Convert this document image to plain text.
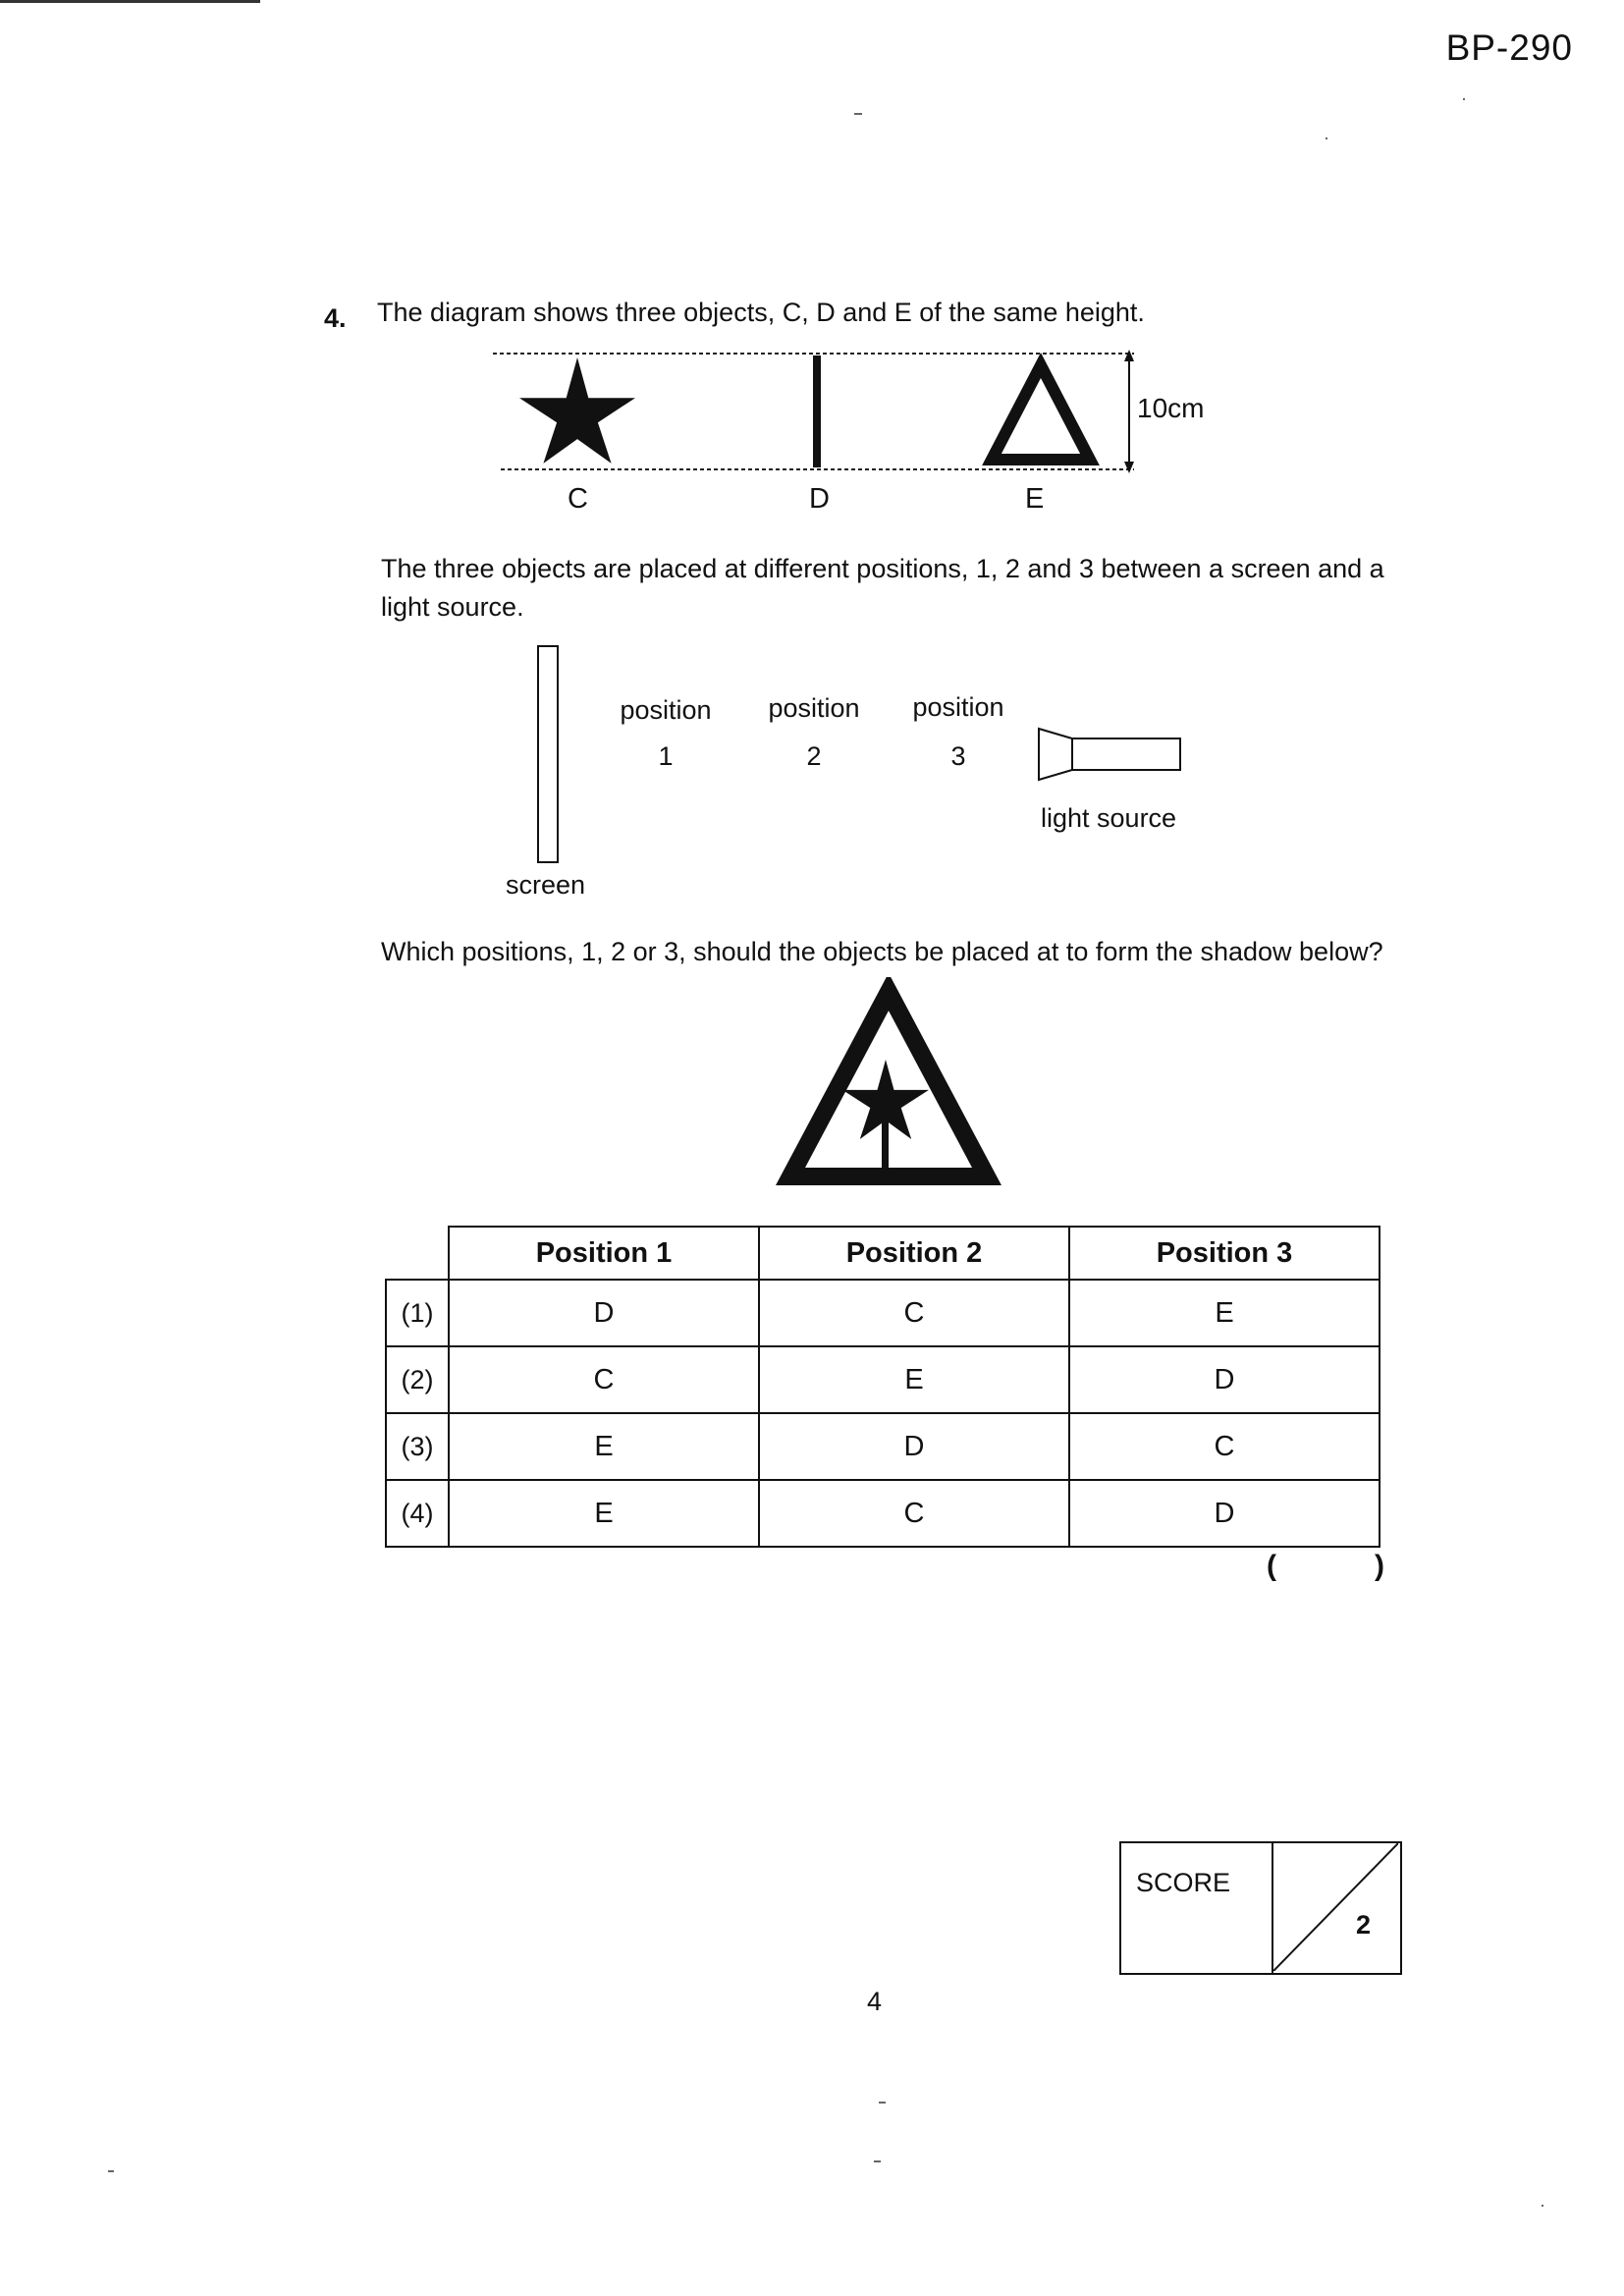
BP-290
4. The diagram shows three objects, C, D and E of the same height.
10cm
C	D	E
The three objects are placed at different positions, 1, 2 and 3 between a screen and a light source.
position
1
position
2
position
3
light source
screen
Which positions, 1, 2 or 3, should the objects be placed at to form the shadow below?
	Position 1	Position 2	Position 3
(1)	D	C	E
(2)	C	E	D
(3)	E	D	C
(4)	E	C	D
(	)
SCORE
2
4
